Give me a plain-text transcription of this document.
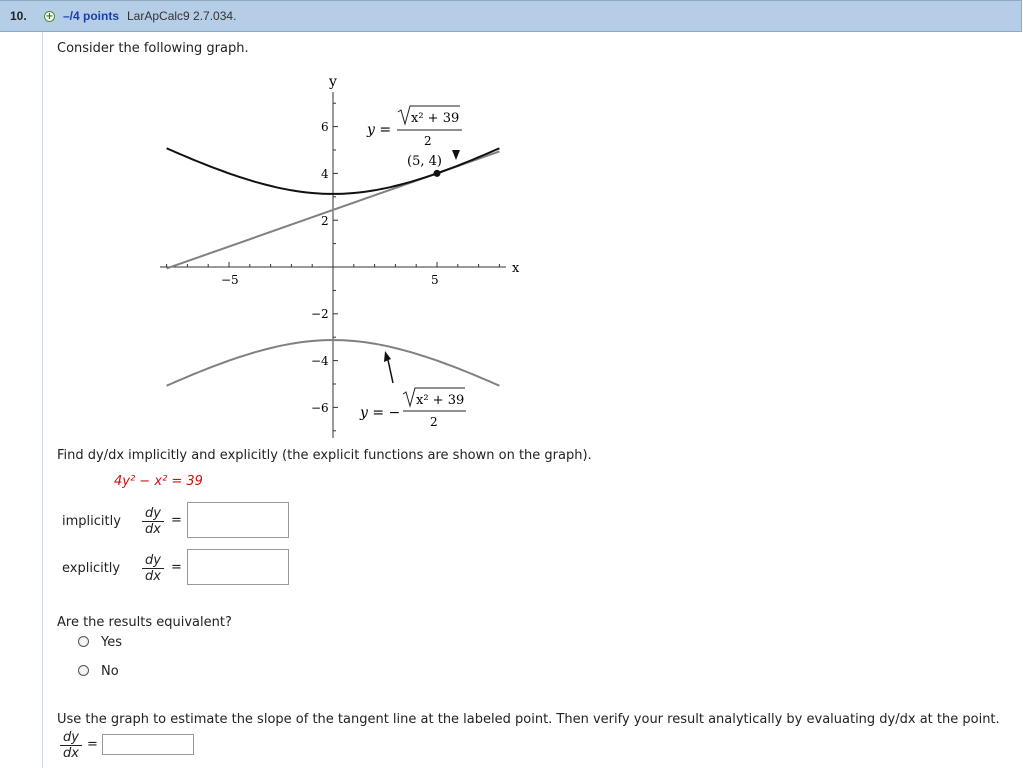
10. + –/4 points LarApCalc9 2.7.034.
Consider the following graph.
y
x
6
4
2
−2
−4
−6
−5	5
(5, 4)
y =
x² + 39
2
y = −
x² + 39
2
Find dy/dx implicitly and explicitly (the explicit functions are shown on the graph).
4y² − x² = 39
implicitly $\frac{dy}{dx}$ =
explicitly $\frac{dy}{dx}$ =
Are the results equivalent?
Yes
No
Use the graph to estimate the slope of the tangent line at the labeled point. Then verify your result analytically by evaluating dy/dx at the point.
$\frac{dy}{dx}$ =
